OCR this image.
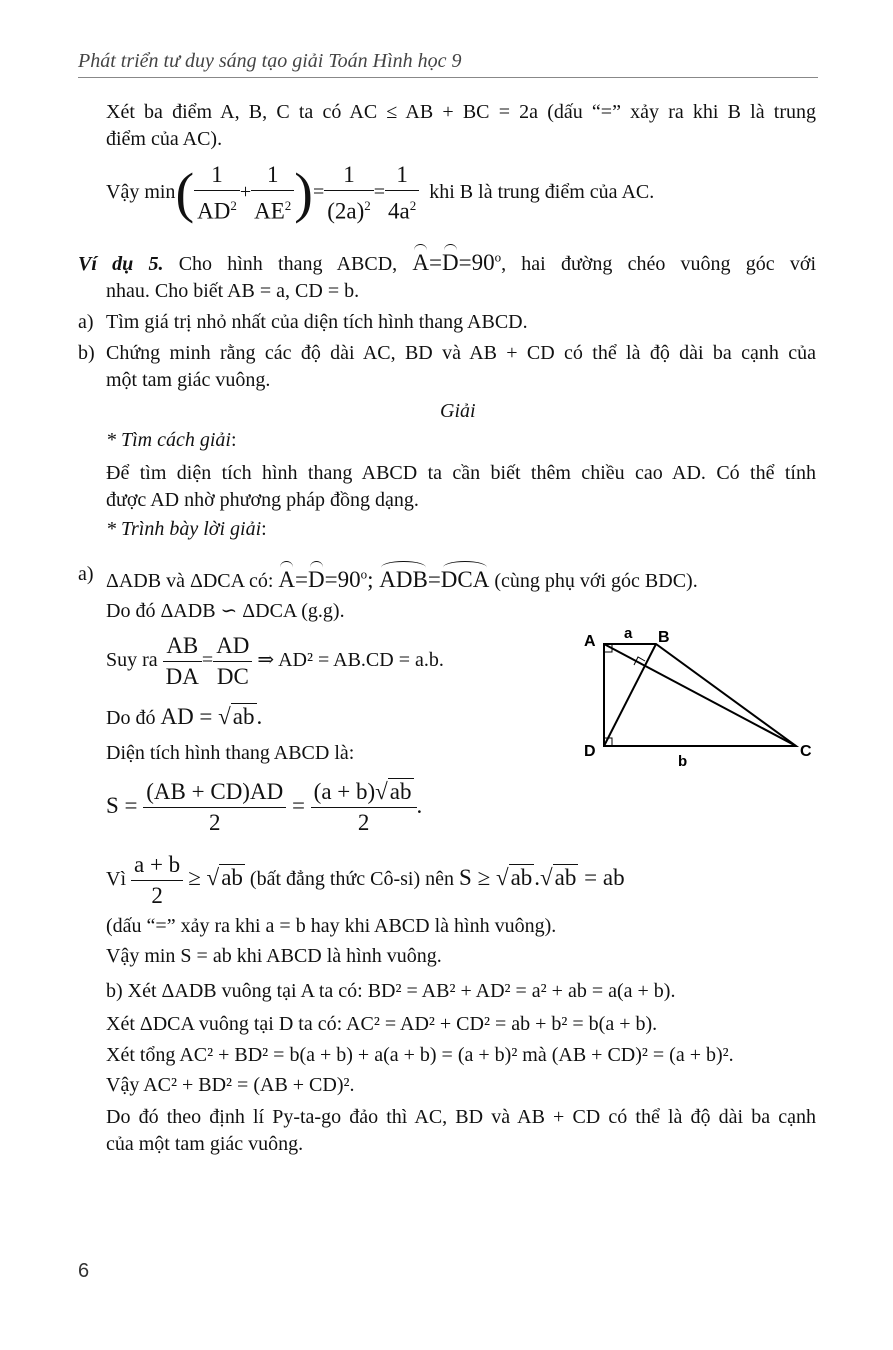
Phát triển tư duy sáng tạo giải Toán Hình học 9
Xét ba điểm A, B, C ta có AC ≤ AB + BC = 2a (dấu “=” xảy ra khi B là trung
điểm của AC).
Vậy $\min( \frac{1}{AD^2} + \frac{1}{AE^2}$ )= $\frac{1}{(2a)^2} = \frac{1}{4a^2}$ khi B là trung điểm của AC.
Ví dụ 5. Cho hình thang ABCD, $A=D=90^o$, hai đường chéo vuông góc với
nhau. Cho biết AB = a, CD = b.
a) Tìm giá trị nhỏ nhất của diện tích hình thang ABCD.
b) Chứng minh rằng các độ dài AC, BD và AB + CD có thể là độ dài ba cạnh của
một tam giác vuông.
Giải
* Tìm cách giải:
Để tìm diện tích hình thang ABCD ta cần biết thêm chiều cao AD. Có thể tính
được AD nhờ phương pháp đồng dạng.
* Trình bày lời giải:
a) ΔADB và ΔDCA có: $A=D=90^o$; ADB=DCA (cùng phụ với góc BDC).
Do đó ΔADB ∽ ΔDCA (g.g).
Suy ra $\frac{AB}{DA} = \frac{AD}{DC}$ ⇒ AD² = AB.CD = a.b.
Do đó AD = √ab.
Diện tích hình thang ABCD là:
$S = \frac{(AB + CD)AD}{2} = \frac{(a + b)√ab}{2}$ .
Vì $\frac{a + b}{2} \ge √ab$ (bất đẳng thức Cô-si) nên S ≥ √ab.√ab = ab
(dấu “=” xảy ra khi a = b hay khi ABCD là hình vuông).
Vậy min S = ab khi ABCD là hình vuông.
b) Xét ΔADB vuông tại A ta có: BD² = AB² + AD² = a² + ab = a(a + b).
Xét ΔDCA vuông tại D ta có: AC² = AD² + CD² = ab + b² = b(a + b).
Xét tổng AC² + BD² = b(a + b) + a(a + b) = (a + b)² mà (AB + CD)² = (a + b)².
Vậy AC² + BD² = (AB + CD)².
Do đó theo định lí Py-ta-go đảo thì AC, BD và AB + CD có thể là độ dài ba cạnh
của một tam giác vuông.
A a B
D	C
b
6
